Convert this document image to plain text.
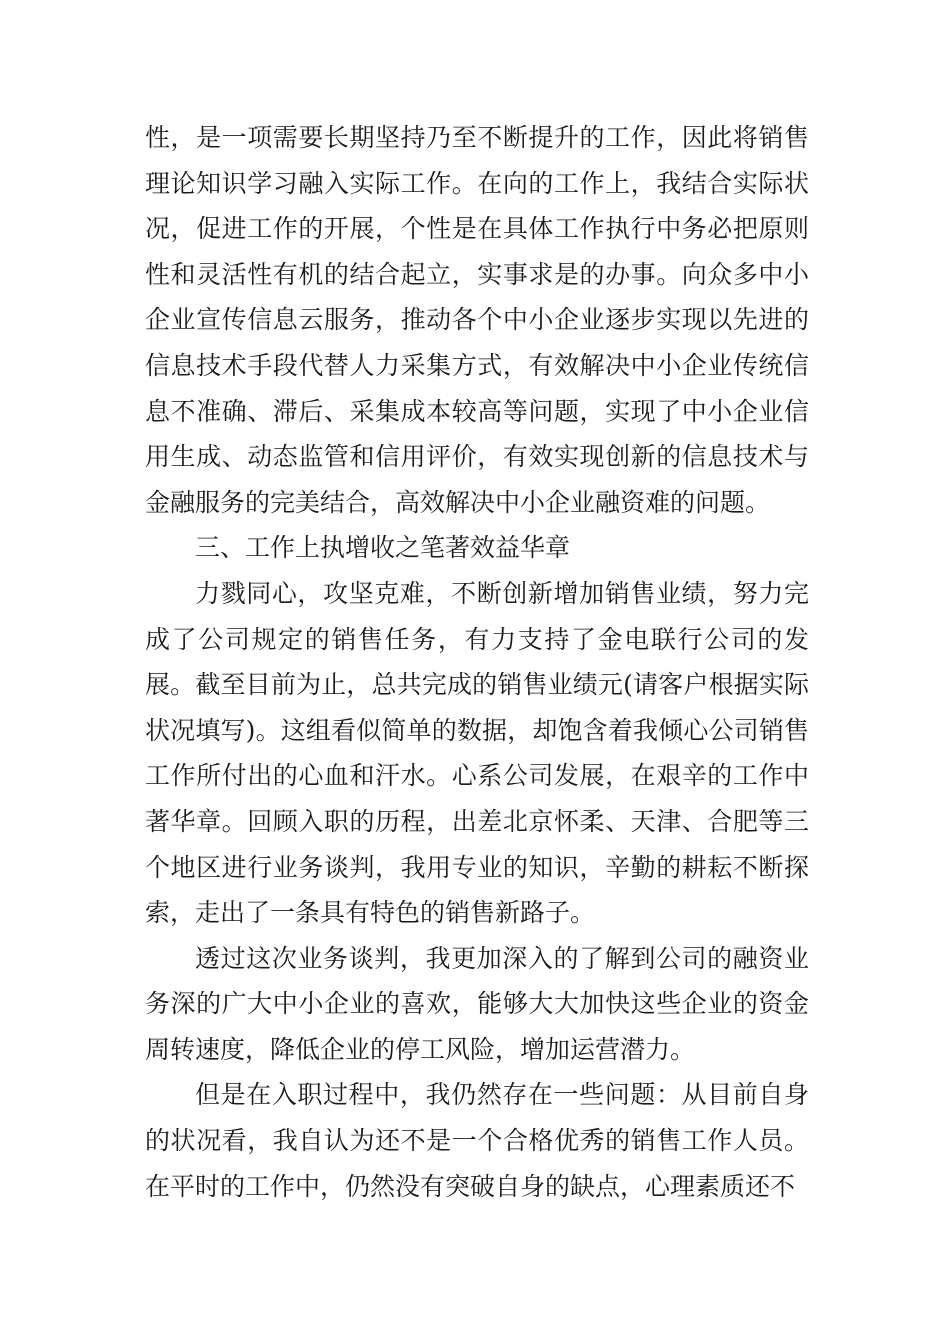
性，是一项需要长期坚持乃至不断提升的工作，因此将销售理论知识学习融入实际工作。在向的工作上，我结合实际状况，促进工作的开展，个性是在具体工作执行中务必把原则性和灵活性有机的结合起立，实事求是的办事。向众多中小企业宣传信息云服务，推动各个中小企业逐步实现以先进的信息技术手段代替人力采集方式，有效解决中小企业传统信息不准确、滞后、采集成本较高等问题，实现了中小企业信用生成、动态监管和信用评价，有效实现创新的信息技术与金融服务的完美结合，高效解决中小企业融资难的问题。

三、工作上执增收之笔著效益华章

力戮同心，攻坚克难，不断创新增加销售业绩，努力完成了公司规定的销售任务，有力支持了金电联行公司的发展。截至目前为止，总共完成的销售业绩元(请客户根据实际状况填写)。这组看似简单的数据，却饱含着我倾心公司销售工作所付出的心血和汗水。心系公司发展，在艰辛的工作中著华章。回顾入职的历程，出差北京怀柔、天津、合肥等三个地区进行业务谈判，我用专业的知识，辛勤的耕耘不断探索，走出了一条具有特色的销售新路子。

透过这次业务谈判，我更加深入的了解到公司的融资业务深的广大中小企业的喜欢，能够大大加快这些企业的资金周转速度，降低企业的停工风险，增加运营潜力。

但是在入职过程中，我仍然存在一些问题：从目前自身的状况看，我自认为还不是一个合格优秀的销售工作人员。在平时的工作中，仍然没有突破自身的缺点，心理素质还不
